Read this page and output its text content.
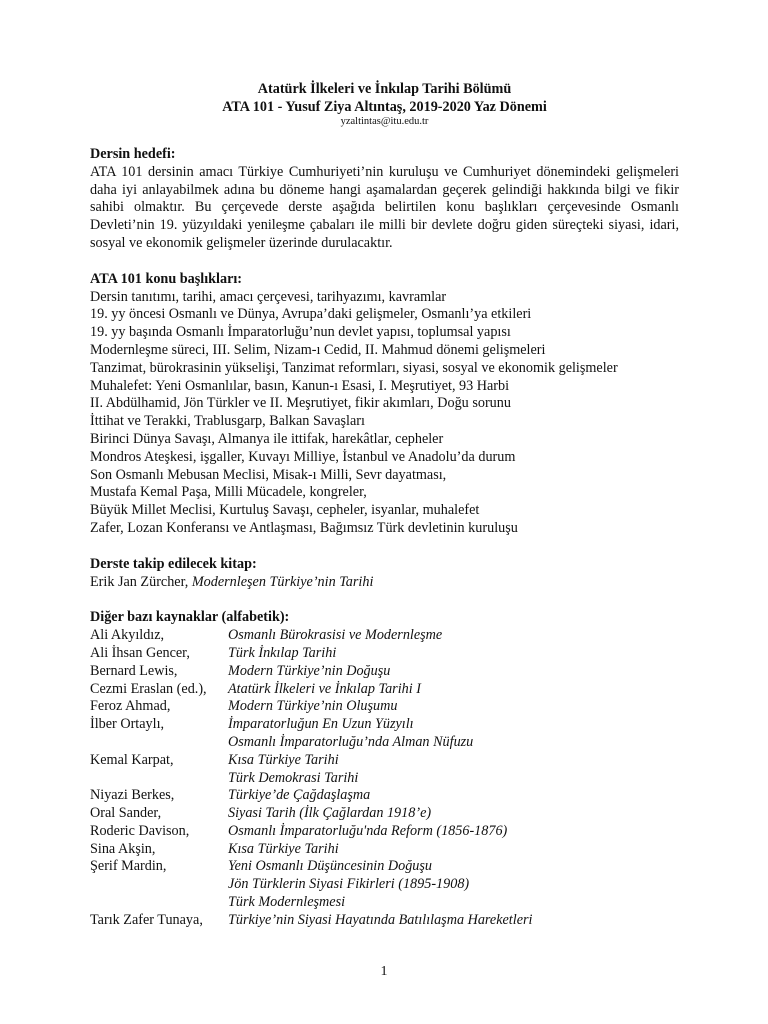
Atatürk İlkeleri ve İnkılap Tarihi Bölümü
ATA 101 - Yusuf Ziya Altıntaş, 2019-2020 Yaz Dönemi
yzaltintas@itu.edu.tr
Dersin hedefi:

ATA 101 dersinin amacı Türkiye Cumhuriyeti’nin kuruluşu ve Cumhuriyet dönemindeki gelişmeleri daha iyi anlayabilmek adına bu döneme hangi aşamalardan geçerek gelindiği hakkında bilgi ve fikir sahibi olmaktır. Bu çerçevede derste aşağıda belirtilen konu başlıkları çerçevesinde Osmanlı Devleti’nin 19. yüzyıldaki yenileşme çabaları ile milli bir devlete doğru giden süreçteki siyasi, idari, sosyal ve ekonomik gelişmeler üzerinde durulacaktır.

ATA 101 konu başlıkları:
Dersin tanıtımı, tarihi, amacı çerçevesi, tarihyazımı, kavramlar
19. yy öncesi Osmanlı ve Dünya, Avrupa’daki gelişmeler, Osmanlı’ya etkileri
19. yy başında Osmanlı İmparatorluğu’nun devlet yapısı, toplumsal yapısı
Modernleşme süreci, III. Selim, Nizam-ı Cedid, II. Mahmud dönemi gelişmeleri
Tanzimat, bürokrasinin yükselişi, Tanzimat reformları, siyasi, sosyal ve ekonomik gelişmeler
Muhalefet: Yeni Osmanlılar, basın, Kanun-ı Esasi, I. Meşrutiyet, 93 Harbi
II. Abdülhamid, Jön Türkler ve II. Meşrutiyet, fikir akımları, Doğu sorunu
İttihat ve Terakki, Trablusgarp, Balkan Savaşları
Birinci Dünya Savaşı, Almanya ile ittifak, harekâtlar, cepheler
Mondros Ateşkesi, işgaller, Kuvayı Milliye, İstanbul ve Anadolu’da durum
Son Osmanlı Mebusan Meclisi, Misak-ı Milli, Sevr dayatması,
Mustafa Kemal Paşa, Milli Mücadele, kongreler,
Büyük Millet Meclisi, Kurtuluş Savaşı, cepheler, isyanlar, muhalefet
Zafer, Lozan Konferansı ve Antlaşması, Bağımsız Türk devletinin kuruluşu
Derste takip edilecek kitap:
Erik Jan Zürcher, Modernleşen Türkiye’nin Tarihi
Diğer bazı kaynaklar (alfabetik):
Ali Akyıldız,	Osmanlı Bürokrasisi ve Modernleşme
Ali İhsan Gencer,	Türk İnkılap Tarihi
Bernard Lewis,	Modern Türkiye’nin Doğuşu
Cezmi Eraslan (ed.),	Atatürk İlkeleri ve İnkılap Tarihi I
Feroz Ahmad,	Modern Türkiye’nin Oluşumu
İlber Ortaylı,	İmparatorluğun En Uzun Yüzyılı
Osmanlı İmparatorluğu’nda Alman Nüfuzu
Kemal Karpat,	Kısa Türkiye Tarihi
Türk Demokrasi Tarihi
Niyazi Berkes,	Türkiye’de Çağdaşlaşma
Oral Sander,	Siyasi Tarih (İlk Çağlardan 1918’e)
Roderic Davison,	Osmanlı İmparatorluğu'nda Reform (1856-1876)
Sina Akşin,	Kısa Türkiye Tarihi
Şerif Mardin,	Yeni Osmanlı Düşüncesinin Doğuşu
Jön Türklerin Siyasi Fikirleri (1895-1908)
Türk Modernleşmesi
Tarık Zafer Tunaya,	Türkiye’nin Siyasi Hayatında Batılılaşma Hareketleri
1
